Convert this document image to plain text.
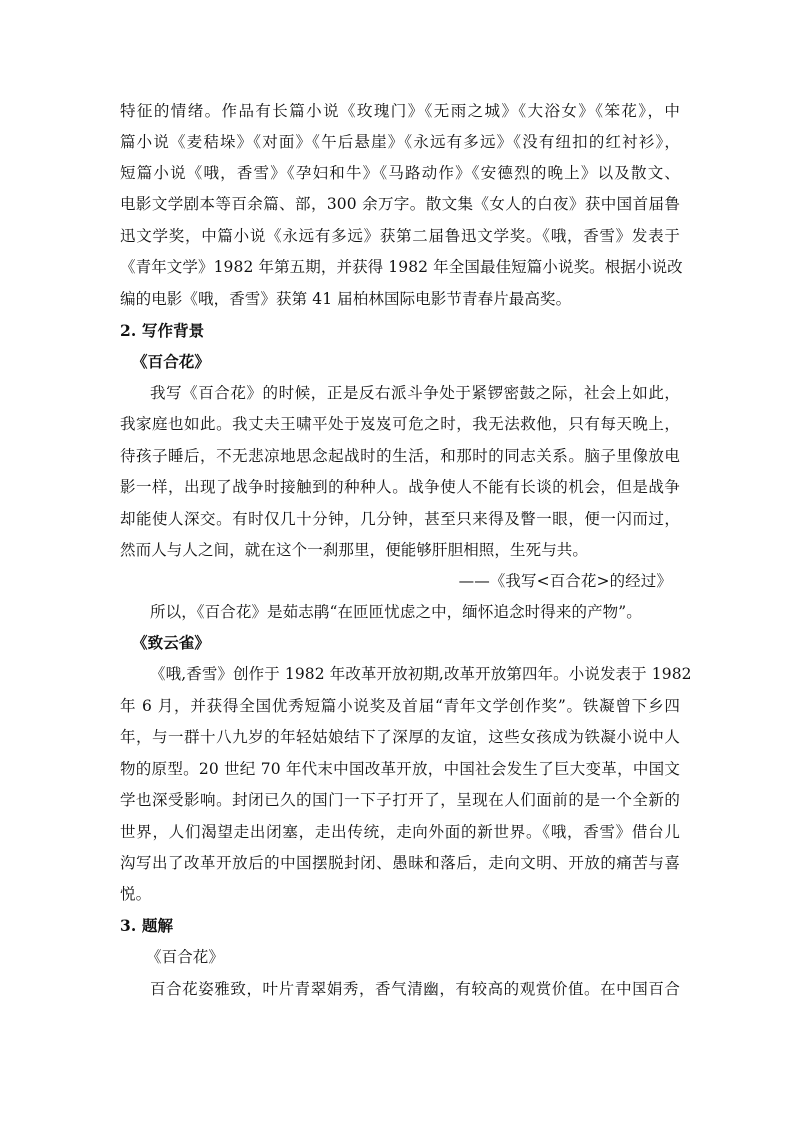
特征的情绪。作品有长篇小说《玫瑰门》《无雨之城》《大浴女》《笨花》，中
篇小说《麦秸垛》《对面》《午后悬崖》《永远有多远》《没有纽扣的红衬衫》，
短篇小说《哦，香雪》《孕妇和牛》《马路动作》《安德烈的晚上》以及散文、
电影文学剧本等百余篇、部，300 余万字。散文集《女人的白夜》获中国首届鲁
迅文学奖，中篇小说《永远有多远》获第二届鲁迅文学奖。《哦，香雪》发表于
《青年文学》1982 年第五期，并获得 1982 年全国最佳短篇小说奖。根据小说改
编的电影《哦，香雪》获第 41 届柏林国际电影节青春片最高奖。
2. 写作背景
《百合花》
我写《百合花》的时候，正是反右派斗争处于紧锣密鼓之际，社会上如此，
我家庭也如此。我丈夫王啸平处于岌岌可危之时，我无法救他，只有每天晚上，
待孩子睡后，不无悲凉地思念起战时的生活，和那时的同志关系。脑子里像放电
影一样，出现了战争时接触到的种种人。战争使人不能有长谈的机会，但是战争
却能使人深交。有时仅几十分钟，几分钟，甚至只来得及瞥一眼，便一闪而过，
然而人与人之间，就在这个一刹那里，便能够肝胆相照，生死与共。
——《我写<百合花>的经过》
所以，《百合花》是茹志鹃“在匝匝忧虑之中，缅怀追念时得来的产物”。
《致云雀》
《哦,香雪》创作于 1982 年改革开放初期,改革开放第四年。小说发表于 1982
年 6 月，并获得全国优秀短篇小说奖及首届“青年文学创作奖”。铁凝曾下乡四
年，与一群十八九岁的年轻姑娘结下了深厚的友谊，这些女孩成为铁凝小说中人
物的原型。20 世纪 70 年代末中国改革开放，中国社会发生了巨大变革，中国文
学也深受影响。封闭已久的国门一下子打开了，呈现在人们面前的是一个全新的
世界，人们渴望走出闭塞，走出传统，走向外面的新世界。《哦，香雪》借台儿
沟写出了改革开放后的中国摆脱封闭、愚昧和落后，走向文明、开放的痛苦与喜
悦。
3. 题解
《百合花》
百合花姿雅致，叶片青翠娟秀，香气清幽，有较高的观赏价值。在中国百合
